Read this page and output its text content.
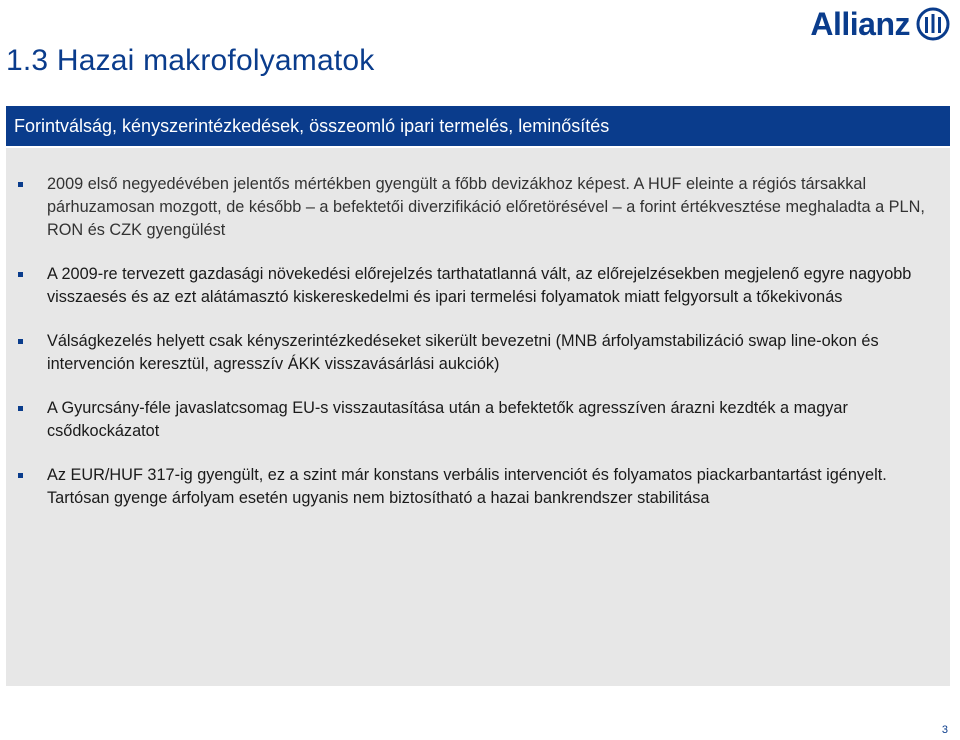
1.3 Hazai makrofolyamatok
Allianz
Forintválság, kényszerintézkedések, összeomló ipari termelés, leminősítés
2009 első negyedévében jelentős mértékben gyengült a főbb devizákhoz képest. A HUF eleinte a régiós társakkal párhuzamosan mozgott, de később – a befektetői diverzifikáció előretörésével – a forint értékvesztése meghaladta a PLN, RON és CZK gyengülést
A 2009-re tervezett gazdasági növekedési előrejelzés tarthatatlanná vált, az előrejelzésekben megjelenő egyre nagyobb visszaesés és az ezt alátámasztó kiskereskedelmi és ipari termelési folyamatok miatt felgyorsult a tőkekivonás
Válságkezelés helyett csak kényszerintézkedéseket sikerült bevezetni (MNB árfolyamstabilizáció swap line-okon és intervención keresztül, agresszív ÁKK visszavásárlási aukciók)
A Gyurcsány-féle javaslatcsomag EU-s visszautasítása után a befektetők agresszíven árazni kezdték a magyar csődkockázatot
Az EUR/HUF 317-ig gyengült, ez a szint már konstans verbális intervenciót és folyamatos piackarbantartást igényelt. Tartósan gyenge árfolyam esetén ugyanis nem biztosítható a hazai bankrendszer stabilitása
3
